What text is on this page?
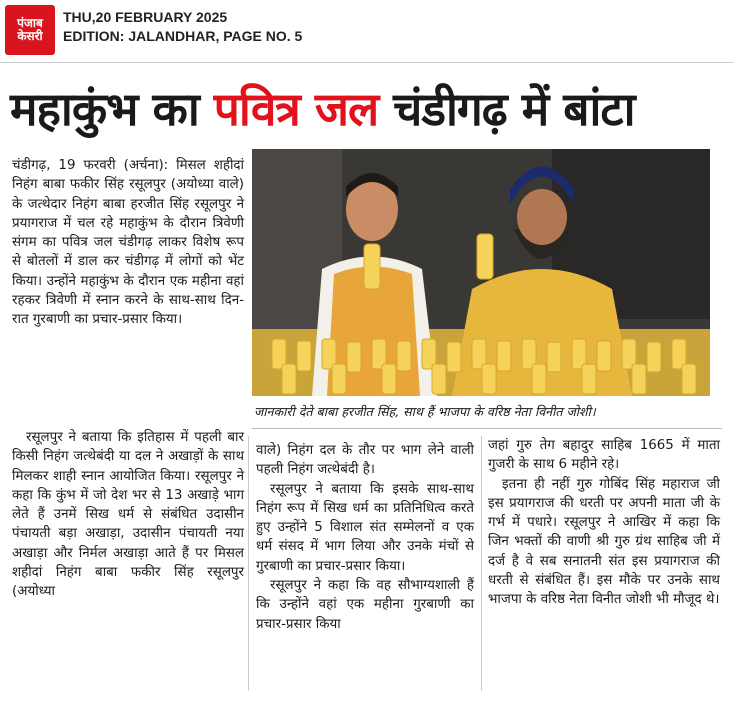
पंजाब
केसरी
THU,20 FEBRUARY 2025
EDITION: JALANDHAR, PAGE NO. 5
महाकुंभ का पवित्र जल चंडीगढ़ में बांटा

चंडीगढ़, 19 फरवरी (अर्चना): मिसल शहीदां निहंग बाबा फकीर सिंह रसूलपुर (अयोध्या वाले) के जत्थेदार निहंग बाबा हरजीत सिंह रसूलपुर ने प्रयागराज में चल रहे महाकुंभ के दौरान त्रिवेणी संगम का पवित्र जल चंडीगढ़ लाकर विशेष रूप से बोतलों में डाल कर चंडीगढ़ में लोगों को भेंट किया। उन्होंने महाकुंभ के दौरान एक महीना वहां रहकर त्रिवेणी में स्नान करने के साथ-साथ दिन-रात गुरबाणी का प्रचार-प्रसार किया।

जानकारी देते बाबा हरजीत सिंह, साथ हैं भाजपा के वरिष्ठ नेता विनीत जोशी।

रसूलपुर ने बताया कि इतिहास में पहली बार किसी निहंग जत्थेबंदी या दल ने अखाड़ों के साथ मिलकर शाही स्नान आयोजित किया। रसूलपुर ने कहा कि कुंभ में जो देश भर से 13 अखाड़े भाग लेते हैं उनमें सिख धर्म से संबंधित उदासीन पंचायती बड़ा अखाड़ा, उदासीन पंचायती नया अखाड़ा और निर्मल अखाड़ा आते हैं पर मिसल शहीदां निहंग बाबा फकीर सिंह रसूलपुर (अयोध्या

वाले) निहंग दल के तौर पर भाग लेने वाली पहली निहंग जत्थेबंदी है।

रसूलपुर ने बताया कि इसके साथ-साथ निहंग रूप में सिख धर्म का प्रतिनिधित्व करते हुए उन्होंने 5 विशाल संत सम्मेलनों व एक धर्म संसद में भाग लिया और उनके मंचों से गुरबाणी का प्रचार-प्रसार किया।

रसूलपुर ने कहा कि वह सौभाग्यशाली हैं कि उन्होंने वहां एक महीना गुरबाणी का प्रचार-प्रसार किया

जहां गुरु तेग बहादुर साहिब 1665 में माता गुजरी के साथ 6 महीने रहे।

इतना ही नहीं गुरु गोबिंद सिंह महाराज जी इस प्रयागराज की धरती पर अपनी माता जी के गर्भ में पधारे। रसूलपुर ने आखिर में कहा कि जिन भक्तों की वाणी श्री गुरु ग्रंथ साहिब जी में दर्ज है वे सब सनातनी संत इस प्रयागराज की धरती से संबंधित हैं। इस मौके पर उनके साथ भाजपा के वरिष्ठ नेता विनीत जोशी भी मौजूद थे।
